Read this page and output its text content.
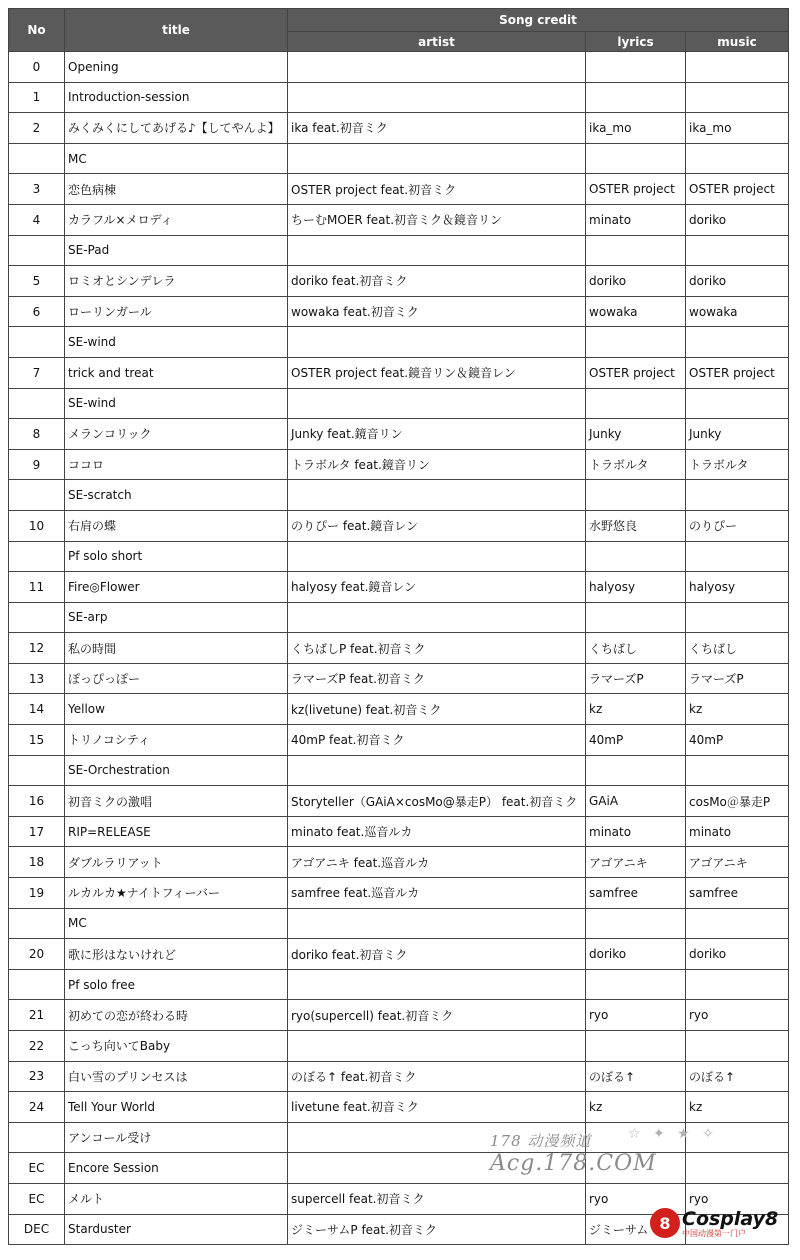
No	title	Song credit		
		artist	lyrics	music
0	Opening			
1	Introduction-session			
2	みくみくにしてあげる♪【してやんよ】	ika feat.初音ミク	ika_mo	ika_mo
	MC			
3	恋色病棟	OSTER project feat.初音ミク	OSTER project	OSTER project
4	カラフル×メロディ	ちーむMOER feat.初音ミク＆鏡音リン	minato	doriko
	SE-Pad			
5	ロミオとシンデレラ	doriko feat.初音ミク	doriko	doriko
6	ローリンガール	wowaka feat.初音ミク	wowaka	wowaka
	SE-wind			
7	trick and treat	OSTER project feat.鏡音リン＆鏡音レン	OSTER project	OSTER project
	SE-wind			
8	メランコリック	Junky feat.鏡音リン	Junky	Junky
9	ココロ	トラボルタ feat.鏡音リン	トラボルタ	トラボルタ
	SE-scratch			
10	右肩の蝶	のりぴー feat.鏡音レン	水野悠良	のりぴー
	Pf solo short			
11	Fire◎Flower	halyosy feat.鏡音レン	halyosy	halyosy
	SE-arp			
12	私の時間	くちばしP feat.初音ミク	くちばし	くちばし
13	ぽっぴっぽー	ラマーズP feat.初音ミク	ラマーズP	ラマーズP
14	Yellow	kz(livetune) feat.初音ミク	kz	kz
15	トリノコシティ	40mP feat.初音ミク	40mP	40mP
	SE-Orchestration			
16	初音ミクの激唱	Storyteller（GAiA×cosMo@暴走P） feat.初音ミク	GAiA	cosMo＠暴走P
17	RIP=RELEASE	minato feat.巡音ルカ	minato	minato
18	ダブルラリアット	アゴアニキ feat.巡音ルカ	アゴアニキ	アゴアニキ
19	ルカルカ★ナイトフィーバー	samfree feat.巡音ルカ	samfree	samfree
	MC			
20	歌に形はないけれど	doriko feat.初音ミク	doriko	doriko
	Pf solo free			
21	初めての恋が終わる時	ryo(supercell) feat.初音ミク	ryo	ryo
22	こっち向いてBaby			
23	白い雪のプリンセスは	のぼる↑ feat.初音ミク	のぼる↑	のぼる↑
24	Tell Your World	livetune feat.初音ミク	kz	kz
	アンコール受け			
EC	Encore Session			
EC	メルト	supercell feat.初音ミク	ryo	ryo
DEC	Starduster	ジミーサムP feat.初音ミク	ジミーサム	
☆ ✦ ★ ✧
178 动漫频道
Acg.178.COM
8 Cosplay8
中国动漫第一门户
